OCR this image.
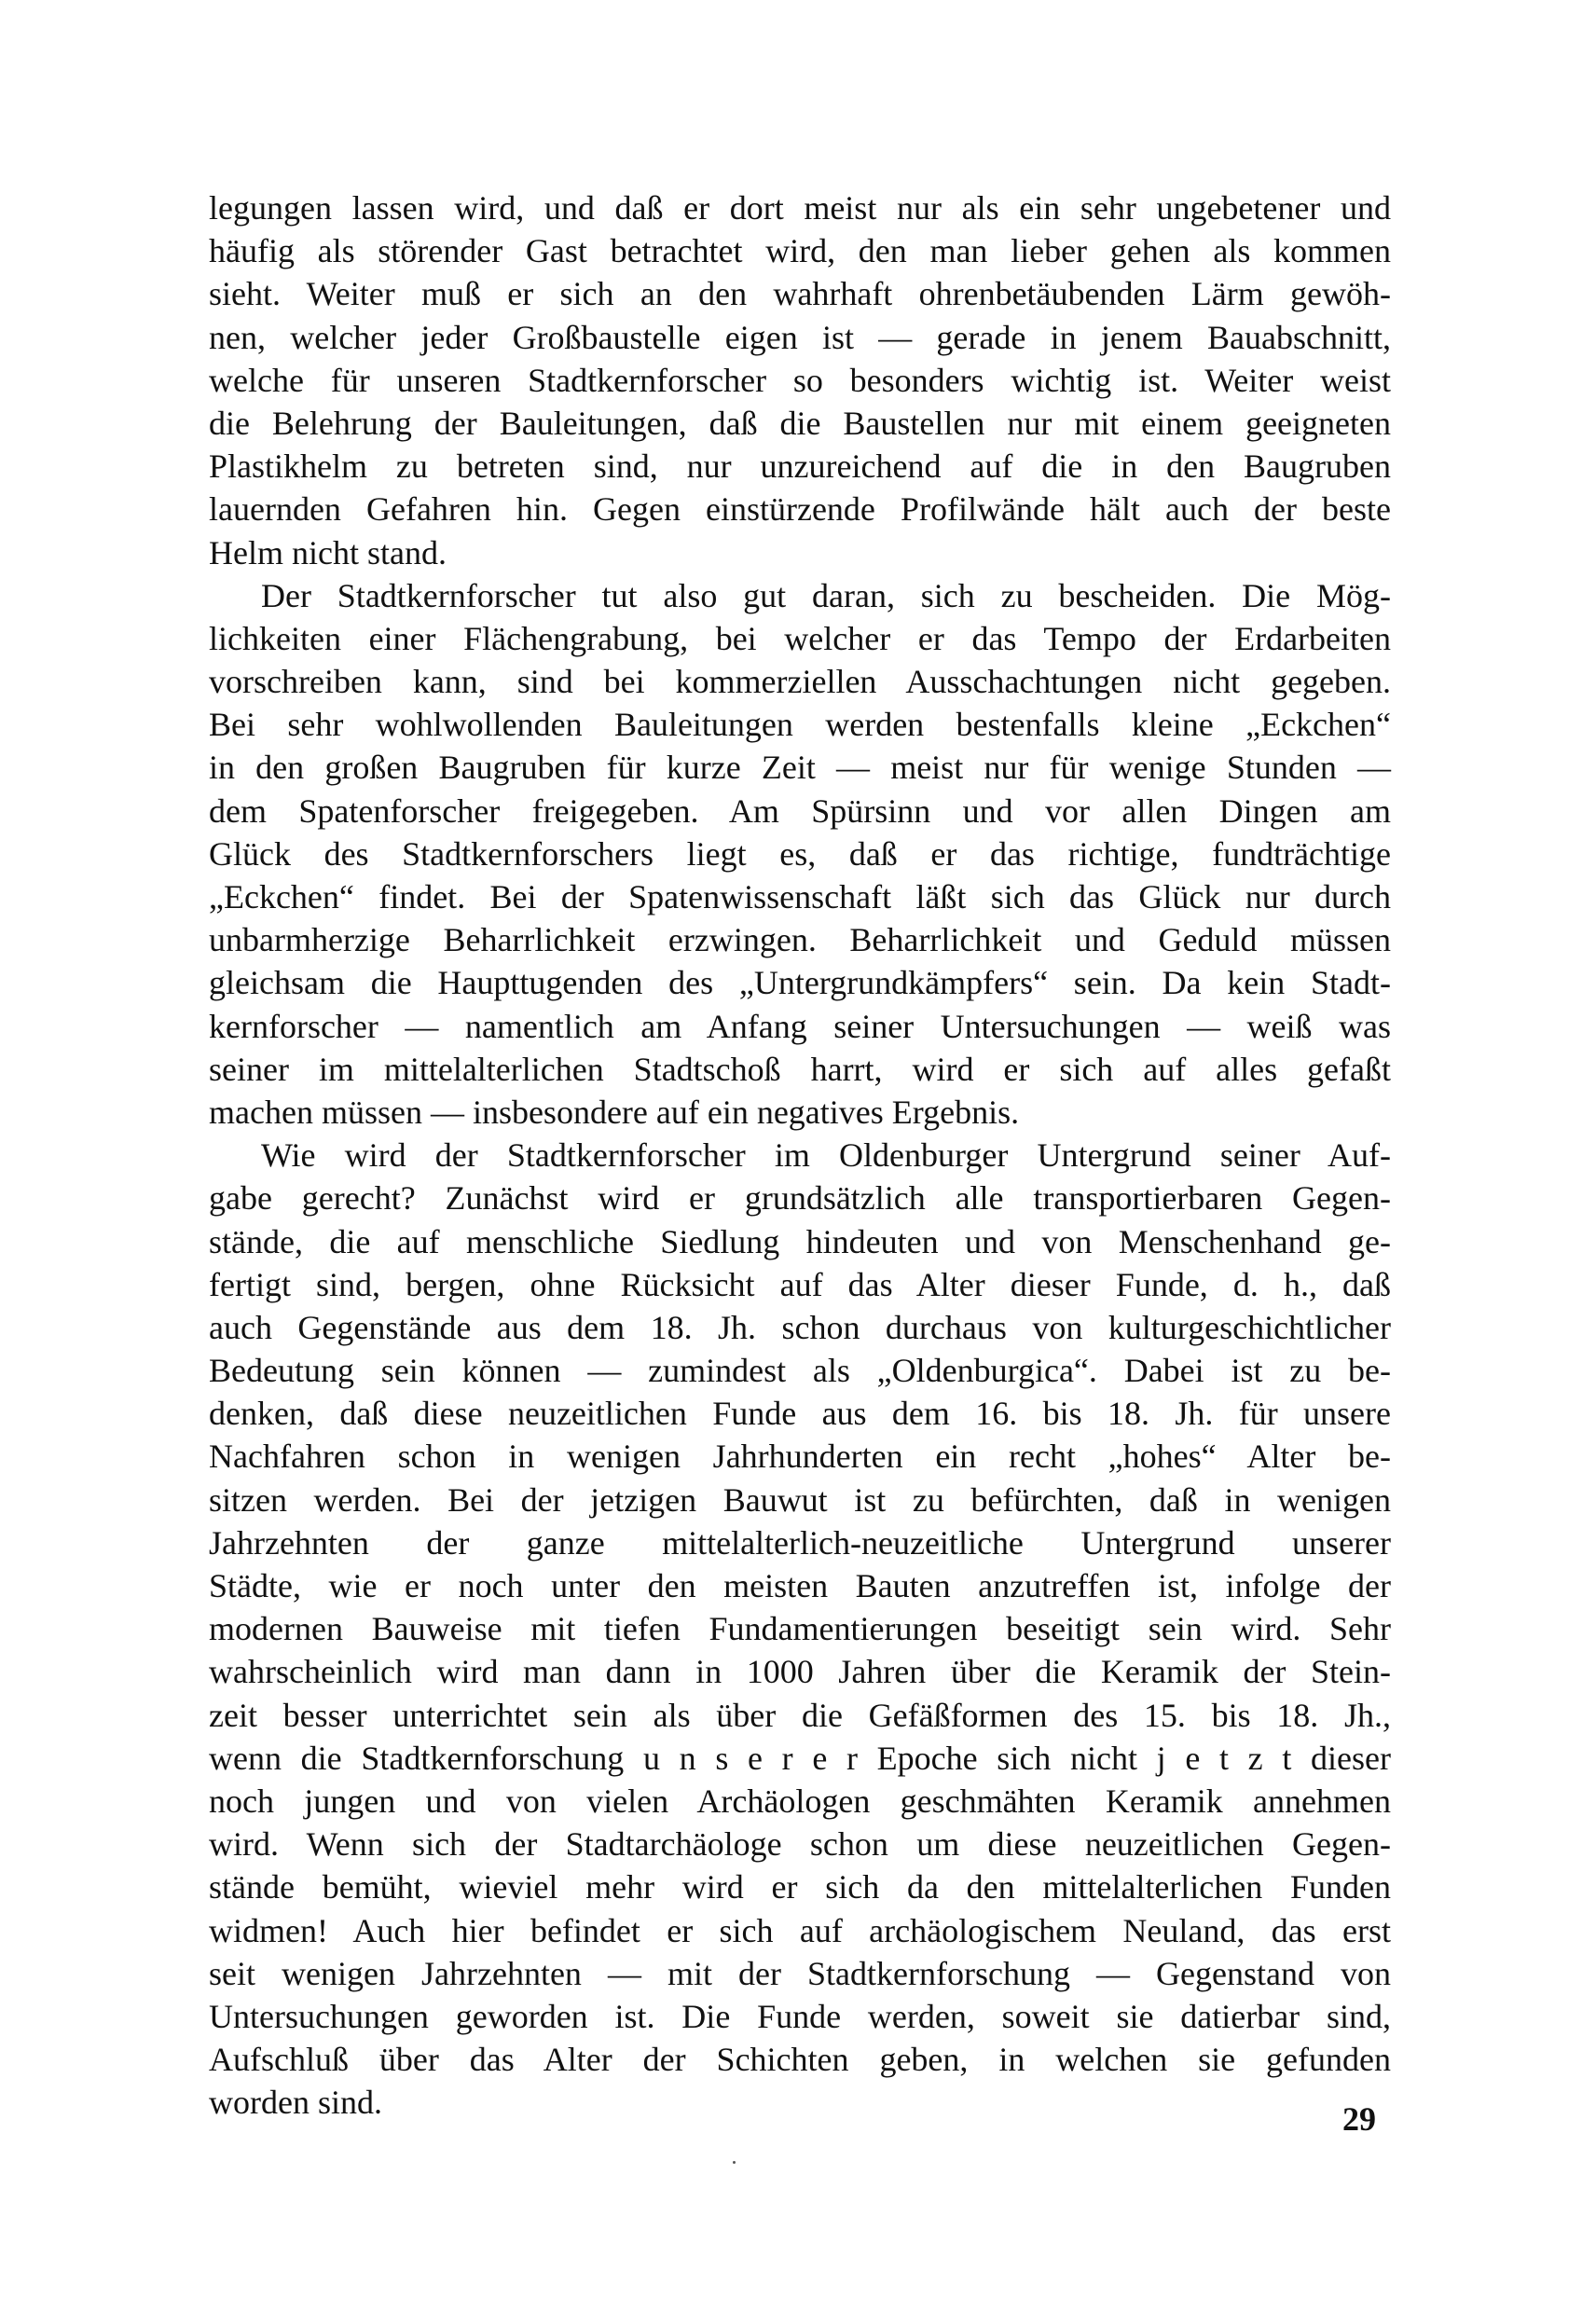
legungen lassen wird, und daß er dort meist nur als ein sehr ungebetener und
häufig als störender Gast betrachtet wird, den man lieber gehen als kommen
sieht. Weiter muß er sich an den wahrhaft ohrenbetäubenden Lärm gewöh-
nen, welcher jeder Großbaustelle eigen ist — gerade in jenem Bauabschnitt,
welche für unseren Stadtkernforscher so besonders wichtig ist. Weiter weist
die Belehrung der Bauleitungen, daß die Baustellen nur mit einem geeigneten
Plastikhelm zu betreten sind, nur unzureichend auf die in den Baugruben
lauernden Gefahren hin. Gegen einstürzende Profilwände hält auch der beste
Helm nicht stand.
Der Stadtkernforscher tut also gut daran, sich zu bescheiden. Die Mög-
lichkeiten einer Flächengrabung, bei welcher er das Tempo der Erdarbeiten
vorschreiben kann, sind bei kommerziellen Ausschachtungen nicht gegeben.
Bei sehr wohlwollenden Bauleitungen werden bestenfalls kleine „Eckchen“
in den großen Baugruben für kurze Zeit — meist nur für wenige Stunden —
dem Spatenforscher freigegeben. Am Spürsinn und vor allen Dingen am
Glück des Stadtkernforschers liegt es, daß er das richtige, fundträchtige
„Eckchen“ findet. Bei der Spatenwissenschaft läßt sich das Glück nur durch
unbarmherzige Beharrlichkeit erzwingen. Beharrlichkeit und Geduld müssen
gleichsam die Haupttugenden des „Untergrundkämpfers“ sein. Da kein Stadt-
kernforscher — namentlich am Anfang seiner Untersuchungen — weiß was
seiner im mittelalterlichen Stadtschoß harrt, wird er sich auf alles gefaßt
machen müssen — insbesondere auf ein negatives Ergebnis.
Wie wird der Stadtkernforscher im Oldenburger Untergrund seiner Auf-
gabe gerecht? Zunächst wird er grundsätzlich alle transportierbaren Gegen-
stände, die auf menschliche Siedlung hindeuten und von Menschenhand ge-
fertigt sind, bergen, ohne Rücksicht auf das Alter dieser Funde, d. h., daß
auch Gegenstände aus dem 18. Jh. schon durchaus von kulturgeschichtlicher
Bedeutung sein können — zumindest als „Oldenburgica“. Dabei ist zu be-
denken, daß diese neuzeitlichen Funde aus dem 16. bis 18. Jh. für unsere
Nachfahren schon in wenigen Jahrhunderten ein recht „hohes“ Alter be-
sitzen werden. Bei der jetzigen Bauwut ist zu befürchten, daß in wenigen
Jahrzehnten der ganze mittelalterlich-neuzeitliche Untergrund unserer
Städte, wie er noch unter den meisten Bauten anzutreffen ist, infolge der
modernen Bauweise mit tiefen Fundamentierungen beseitigt sein wird. Sehr
wahrscheinlich wird man dann in 1000 Jahren über die Keramik der Stein-
zeit besser unterrichtet sein als über die Gefäßformen des 15. bis 18. Jh.,
wenn die Stadtkernforschung u n s e r e r Epoche sich nicht j e t z t dieser
noch jungen und von vielen Archäologen geschmähten Keramik annehmen
wird. Wenn sich der Stadtarchäologe schon um diese neuzeitlichen Gegen-
stände bemüht, wieviel mehr wird er sich da den mittelalterlichen Funden
widmen! Auch hier befindet er sich auf archäologischem Neuland, das erst
seit wenigen Jahrzehnten — mit der Stadtkernforschung — Gegenstand von
Untersuchungen geworden ist. Die Funde werden, soweit sie datierbar sind,
Aufschluß über das Alter der Schichten geben, in welchen sie gefunden
worden sind.	29
